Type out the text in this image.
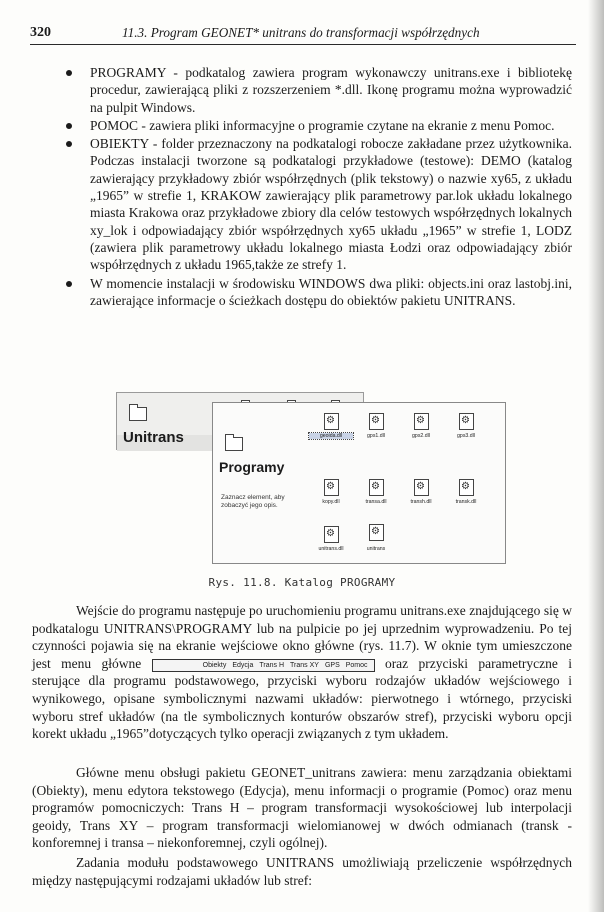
320	11.3. Program GEONET* unitrans do transformacji współrzędnych
PROGRAMY - podkatalog zawiera program wykonawczy unitrans.exe i bibliotekę procedur, zawierającą pliki z rozszerzeniem *.dll. Ikonę programu można wyprowadzić na pulpit Windows.
POMOC - zawiera pliki informacyjne o programie czytane na ekranie z menu Pomoc.
OBIEKTY - folder przeznaczony na podkatalogi robocze zakładane przez użytkownika. Podczas instalacji tworzone są podkatalogi przykładowe (testowe): DEMO (katalog zawierający przykładowy zbiór współrzędnych (plik tekstowy) o nazwie xy65, z układu „1965” w strefie 1, KRAKOW zawierający plik parametrowy par.lok układu lokalnego miasta Krakowa oraz przykładowe zbiory dla celów testowych współrzędnych lokalnych xy_lok i odpowiadający zbiór współrzędnych xy65 układu „1965” w strefie 1, LODZ (zawiera plik parametrowy układu lokalnego miasta Łodzi oraz odpowiadający zbiór współrzędnych z układu 1965,także ze strefy 1.
W momencie instalacji w środowisku WINDOWS dwa pliki: objects.ini oraz lastobj.ini, zawierające informacje o ścieżkach dostępu do obiektów pakietu UNITRANS.
Unitrans
Programy
Zaznacz element, aby zobaczyć jego opis.
⚙
geoida.dll
⚙	gps1.dll
⚙	gps2.dll
⚙	gps3.dll
⚙
kopy.dll
⚙	transa.dll
⚙	transh.dll
⚙	transk.dll
⚙
unitrans.dll
⚙	unitrans
Rys. 11.8. Katalog PROGRAMY

Wejście do programu następuje po uruchomieniu programu unitrans.exe znajdującego się w podkatalogu UNITRANS\PROGRAMY lub na pulpicie po jej uprzednim wyprowadzeniu. Po tej czynności pojawia się na ekranie wejściowe okno główne (rys. 11.7). W oknie tym umieszczone jest menu główne	Obiekty Edycja Trans H Trans XY GPS Pomoc oraz przyciski parametryczne i sterujące dla programu podstawowego, przyciski wyboru rodzajów układów wejściowego i wynikowego, opisane symbolicznymi nazwami układów: pierwotnego i wtórnego, przyciski wyboru stref układów (na tle symbolicznych konturów obszarów stref), przyciski wyboru opcji korekt układu „1965”dotyczących tylko operacji związanych z tym układem.

Główne menu obsługi pakietu GEONET_unitrans zawiera: menu zarządzania obiektami (Obiekty), menu edytora tekstowego (Edycja), menu informacji o programie (Pomoc) oraz menu programów pomocniczych: Trans H – program transformacji wysokościowej lub interpolacji geoidy, Trans XY – program transformacji wielomianowej w dwóch odmianach (transk - konforemnej i transa – niekonforemnej, czyli ogólnej).

Zadania modułu podstawowego UNITRANS umożliwiają przeliczenie współrzędnych między następującymi rodzajami układów lub stref:
